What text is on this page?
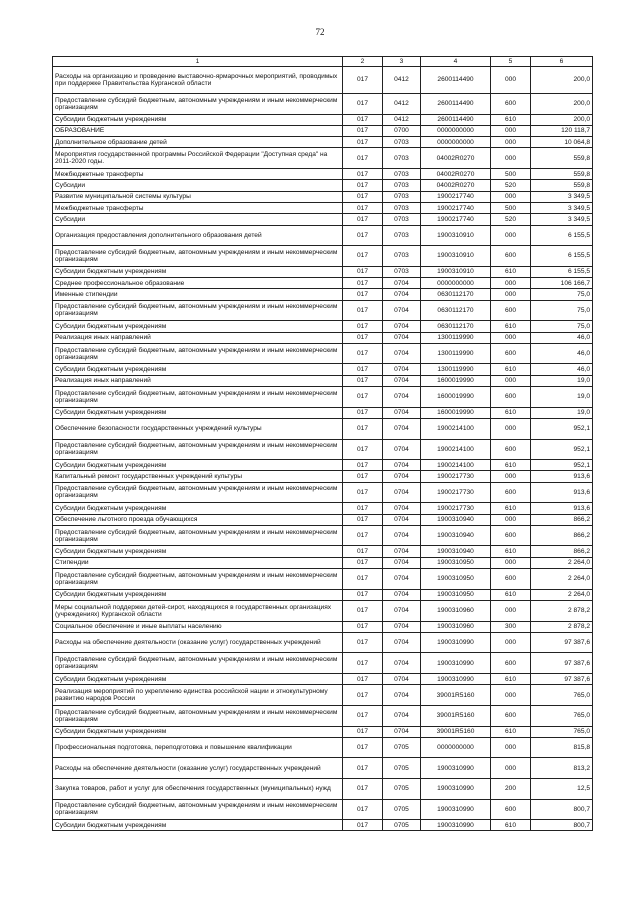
72
1	2	3	4	5	6
Расходы на организацию и проведение выставочно-ярмарочных мероприятий, проводимых при поддержке Правительства Курганской области	017	0412	2600114490	000	200,0
Предоставление субсидий бюджетным, автономным учреждениям и иным некоммерческим организациям	017	0412	2600114490	600	200,0
Субсидии бюджетным учреждениям	017	0412	2600114490	610	200,0
ОБРАЗОВАНИЕ	017	0700	0000000000	000	120 118,7
Дополнительное образование детей	017	0703	0000000000	000	10 064,8
Мероприятия государственной программы Российской Федерации "Доступная среда" на 2011-2020 годы.	017	0703	04002R0270	000	559,8
Межбюджетные трансферты	017	0703	04002R0270	500	559,8
Субсидии	017	0703	04002R0270	520	559,8
Развитие муниципальной системы культуры	017	0703	1900217740	000	3 349,5
Межбюджетные трансферты	017	0703	1900217740	500	3 349,5
Субсидии	017	0703	1900217740	520	3 349,5
Организация предоставления дополнительного образования детей	017	0703	1900310910	000	6 155,5
Предоставление субсидий бюджетным, автономным учреждениям и иным некоммерческим организациям	017	0703	1900310910	600	6 155,5
Субсидии бюджетным учреждениям	017	0703	1900310910	610	6 155,5
Среднее профессиональное образование	017	0704	0000000000	000	106 166,7
Именные стипендии	017	0704	0630112170	000	75,0
Предоставление субсидий бюджетным, автономным учреждениям и иным некоммерческим организациям	017	0704	0630112170	600	75,0
Субсидии бюджетным учреждениям	017	0704	0630112170	610	75,0
Реализация иных направлений	017	0704	1300119990	000	46,0
Предоставление субсидий бюджетным, автономным учреждениям и иным некоммерческим организациям	017	0704	1300119990	600	46,0
Субсидии бюджетным учреждениям	017	0704	1300119990	610	46,0
Реализация иных направлений	017	0704	1600019990	000	19,0
Предоставление субсидий бюджетным, автономным учреждениям и иным некоммерческим организациям	017	0704	1600019990	600	19,0
Субсидии бюджетным учреждениям	017	0704	1600019990	610	19,0
Обеспечение безопасности государственных учреждений культуры	017	0704	1900214100	000	952,1
Предоставление субсидий бюджетным, автономным учреждениям и иным некоммерческим организациям	017	0704	1900214100	600	952,1
Субсидии бюджетным учреждениям	017	0704	1900214100	610	952,1
Капитальный ремонт государственных учреждений культуры	017	0704	1900217730	000	913,6
Предоставление субсидий бюджетным, автономным учреждениям и иным некоммерческим организациям	017	0704	1900217730	600	913,6
Субсидии бюджетным учреждениям	017	0704	1900217730	610	913,6
Обеспечение льготного проезда обучающихся	017	0704	1900310940	000	866,2
Предоставление субсидий бюджетным, автономным учреждениям и иным некоммерческим организациям	017	0704	1900310940	600	866,2
Субсидии бюджетным учреждениям	017	0704	1900310940	610	866,2
Стипендии	017	0704	1900310950	000	2 264,0
Предоставление субсидий бюджетным, автономным учреждениям и иным некоммерческим организациям	017	0704	1900310950	600	2 264,0
Субсидии бюджетным учреждениям	017	0704	1900310950	610	2 264,0
Меры социальной поддержки детей-сирот, находящихся в государственных организациях (учреждениях) Курганской области	017	0704	1900310960	000	2 878,2
Социальное обеспечение и иные выплаты населению	017	0704	1900310960	300	2 878,2
Расходы на обеспечение деятельности (оказание услуг) государственных учреждений	017	0704	1900310990	000	97 387,6
Предоставление субсидий бюджетным, автономным учреждениям и иным некоммерческим организациям	017	0704	1900310990	600	97 387,6
Субсидии бюджетным учреждениям	017	0704	1900310990	610	97 387,6
Реализация мероприятий по укреплению единства российской нации и этнокультурному развитию народов России	017	0704	39001R5160	000	765,0
Предоставление субсидий бюджетным, автономным учреждениям и иным некоммерческим организациям	017	0704	39001R5160	600	765,0
Субсидии бюджетным учреждениям	017	0704	39001R5160	610	765,0
Профессиональная подготовка, переподготовка и повышение квалификации	017	0705	0000000000	000	815,8
Расходы на обеспечение деятельности (оказание услуг) государственных учреждений	017	0705	1900310990	000	813,2
Закупка товаров, работ и услуг для обеспечения государственных (муниципальных) нужд	017	0705	1900310990	200	12,5
Предоставление субсидий бюджетным, автономным учреждениям и иным некоммерческим организациям	017	0705	1900310990	600	800,7
Субсидии бюджетным учреждениям	017	0705	1900310990	610	800,7
